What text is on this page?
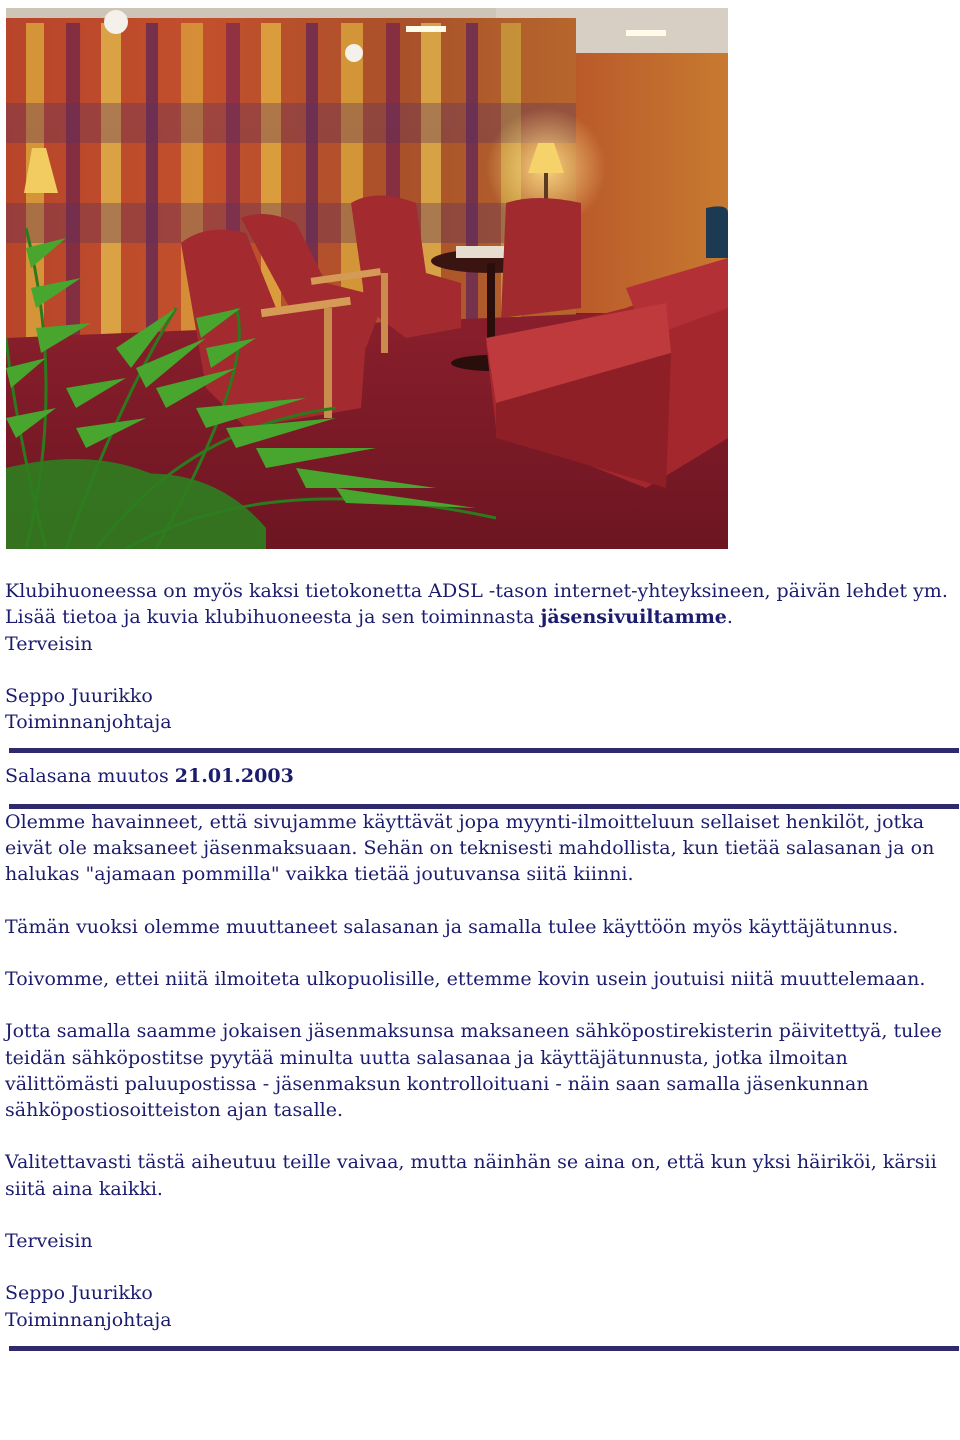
Klubihuoneessa on myös kaksi tietokonetta ADSL -tason internet-yhteyksineen, päivän lehdet ym.

Lisää tietoa ja kuvia klubihuoneesta ja sen toiminnasta jäsensivuiltamme.

Terveisin

Seppo Juurikko

Toiminnanjohtaja

Salasana muutos 21.01.2003

Olemme havainneet, että sivujamme käyttävät jopa myynti-ilmoitteluun sellaiset henkilöt, jotka eivät ole maksaneet jäsenmaksuaan. Sehän on teknisesti mahdollista, kun tietää salasanan ja on halukas "ajamaan pommilla" vaikka tietää joutuvansa siitä kiinni.

Tämän vuoksi olemme muuttaneet salasanan ja samalla tulee käyttöön myös käyttäjätunnus.

Toivomme, ettei niitä ilmoiteta ulkopuolisille, ettemme kovin usein joutuisi niitä muuttelemaan.

Jotta samalla saamme jokaisen jäsenmaksunsa maksaneen sähköpostirekisterin päivitettyä, tulee teidän sähköpostitse pyytää minulta uutta salasanaa ja käyttäjätunnusta, jotka ilmoitan välittömästi paluupostissa - jäsenmaksun kontrolloituani - näin saan samalla jäsenkunnan sähköpostiosoitteiston ajan tasalle.

Valitettavasti tästä aiheutuu teille vaivaa, mutta näinhän se aina on, että kun yksi häiriköi, kärsii siitä aina kaikki.

Terveisin

Seppo Juurikko

Toiminnanjohtaja
